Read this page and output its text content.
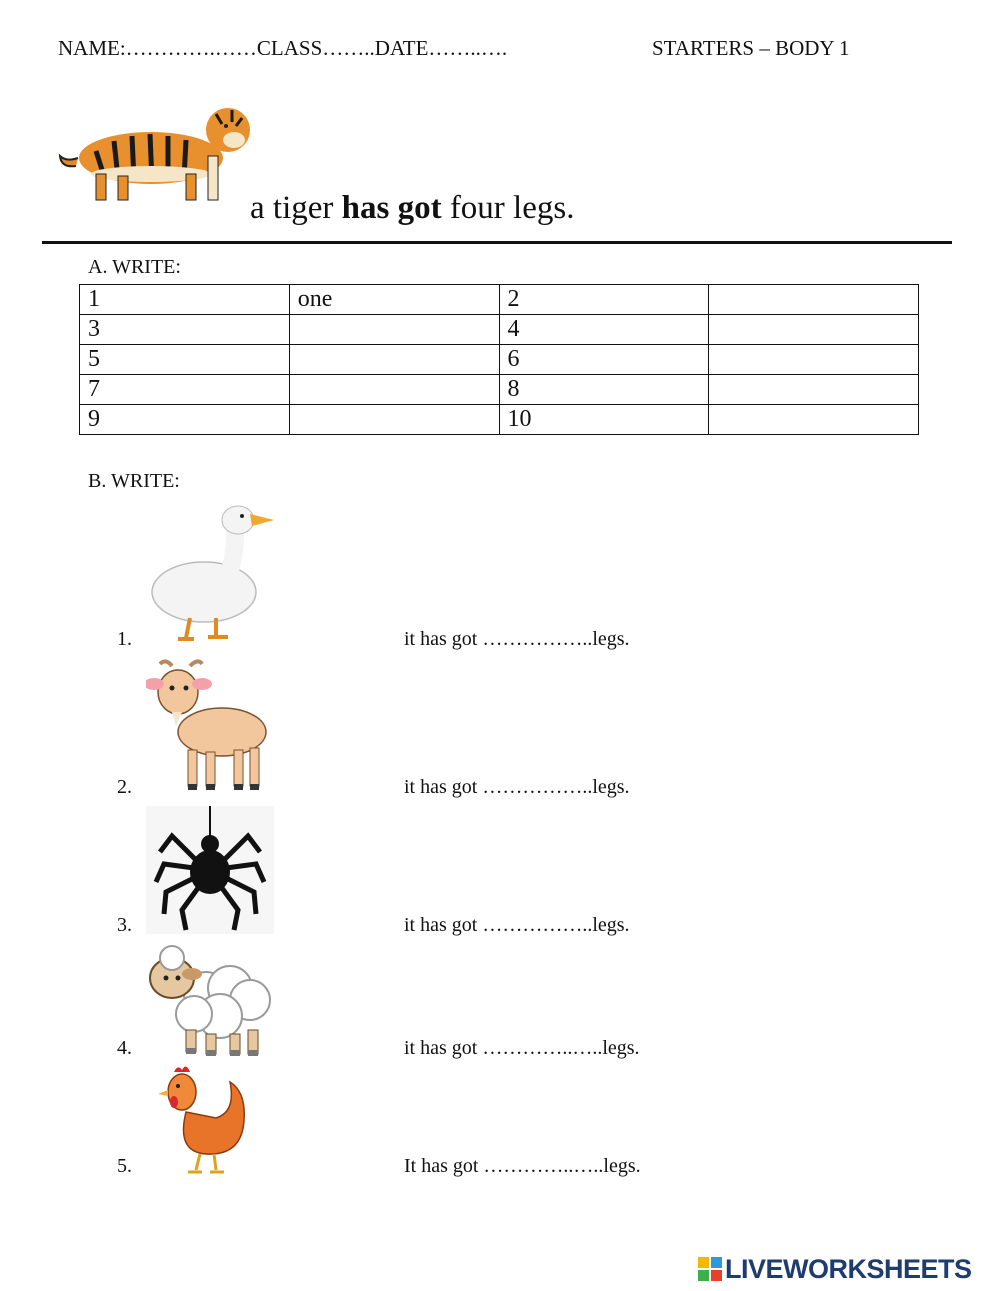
NAME:………….……​CLASS……..DATE……..….	STARTERS – BODY 1
a tiger has got four legs.
A. WRITE:
1	one	2	
3		4	
5		6	
7		8	
9		10	
B. WRITE:
1.	it has got ……………..legs.
2.	it has got ……………..legs.
3.	it has got ……………..legs.
4.	it has got …………..…..legs.
5.	It has got …………..…..legs.
LIVEWORKSHEETS
